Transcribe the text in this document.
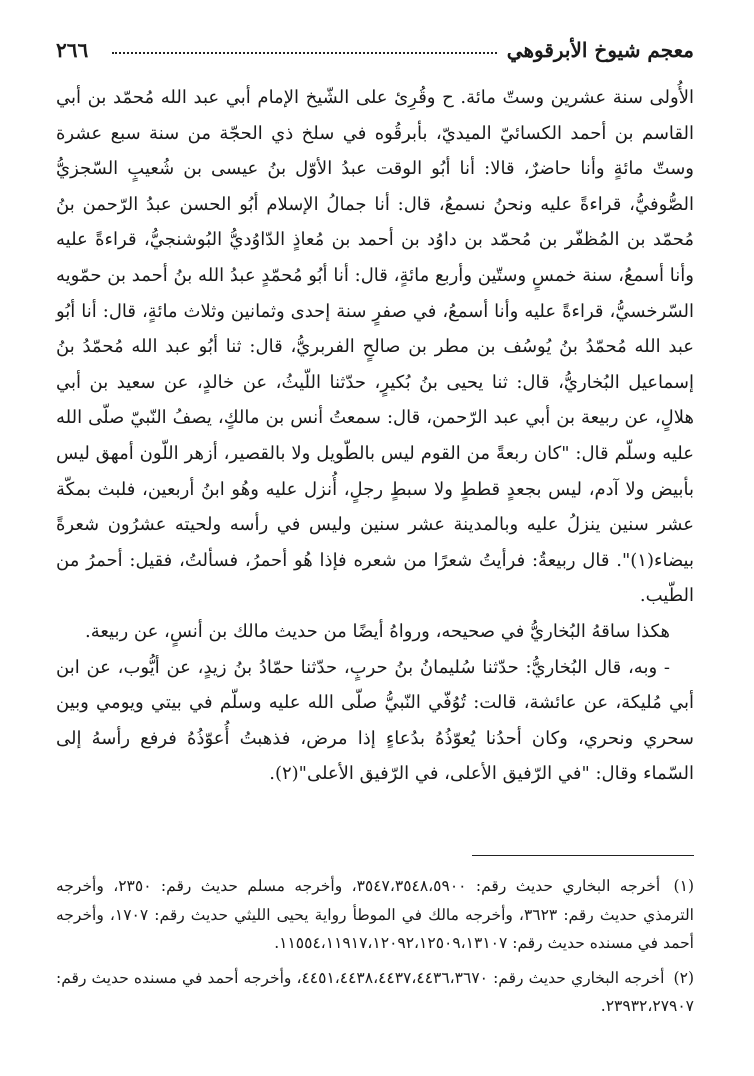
٢٦٦	معجم شيوخ الأبرقوهي

الأُولى سنة عشرين وستّ مائة. ح وقُرِئ على الشّيخ الإمام أبي عبد الله مُحمّد بن أبي القاسم بن أحمد الكسائيّ الميديّ، بأبرقُوه في سلخ ذي الحجّة من سنة سبع عشرة وستّ مائةٍ وأنا حاضرٌ، قالا: أنا أبُو الوقت عبدُ الأوّل بنُ عيسى بن شُعيبٍ السّجزيُّ الصُّوفيُّ، قراءةً عليه ونحنُ نسمعُ، قال: أنا جمالُ الإسلام أبُو الحسن عبدُ الرّحمن بنُ مُحمّد بن المُظفّر بن مُحمّد بن داوُد بن أحمد بن مُعاذٍ الدّاوُديُّ البُوشنجيُّ، قراءةً عليه وأنا أسمعُ، سنة خمسٍ وستّين وأربع مائةٍ، قال: أنا أبُو مُحمّدٍ عبدُ الله بنُ أحمد بن حمّويه السّرخسيُّ، قراءةً عليه وأنا أسمعُ، في صفرٍ سنة إحدى وثمانين وثلاث مائةٍ، قال: أنا أبُو عبد الله مُحمّدُ بنُ يُوسُف بن مطر بن صالحٍ الفربريُّ، قال: ثنا أبُو عبد الله مُحمّدُ بنُ إسماعيل البُخاريُّ، قال: ثنا يحيى بنُ بُكيرٍ، حدّثنا اللّيثُ، عن خالدٍ، عن سعيد بن أبي هلالٍ، عن ربيعة بن أبي عبد الرّحمن، قال: سمعتُ أنس بن مالكٍ، يصفُ النّبيّ صلّى الله عليه وسلّم قال: "كان ربعةً من القوم ليس بالطّويل ولا بالقصير، أزهر اللّون أمهق ليس بأبيض ولا آدم، ليس بجعدٍ قططٍ ولا سبطٍ رجلٍ، أُنزل عليه وهُو ابنُ أربعين، فلبث بمكّة عشر سنين ينزلُ عليه وبالمدينة عشر سنين وليس في رأسه ولحيته عشرُون شعرةً بيضاء(١)". قال ربيعةُ: فرأيتُ شعرًا من شعره فإذا هُو أحمرُ، فسألتُ، فقيل: أحمرُ من الطّيب.

هكذا ساقهُ البُخاريُّ في صحيحه، ورواهُ أيضًا من حديث مالك بن أنسٍ، عن ربيعة.

- وبه، قال البُخاريُّ: حدّثنا سُليمانُ بنُ حربٍ، حدّثنا حمّادُ بنُ زيدٍ، عن أيُّوب، عن ابن أبي مُليكة، عن عائشة، قالت: تُوُفّي النّبيُّ صلّى الله عليه وسلّم في بيتي ويومي وبين سحري ونحري، وكان أحدُنا يُعوّذُهُ بدُعاءٍ إذا مرض، فذهبتُ أُعوّذُهُ فرفع رأسهُ إلى السّماء وقال: "في الرّفيق الأعلى، في الرّفيق الأعلى"(٢).

(١) أخرجه البخاري حديث رقم: ٣٥٤٧،٣٥٤٨،٥٩٠٠، وأخرجه مسلم حديث رقم: ٢٣٥٠، وأخرجه الترمذي حديث رقم: ٣٦٢٣، وأخرجه مالك في الموطأ رواية يحيى الليثي حديث رقم: ١٧٠٧، وأخرجه أحمد في مسنده حديث رقم: ١١٥٥٤،١١٩١٧،١٢٠٩٢،١٢٥٠٩،١٣١٠٧.

(٢) أخرجه البخاري حديث رقم: ٤٤٥١،٤٤٣٨،٤٤٣٧،٤٤٣٦،٣٦٧٠، وأخرجه أحمد في مسنده حديث رقم: ٢٣٩٣٢،٢٧٩٠٧.
